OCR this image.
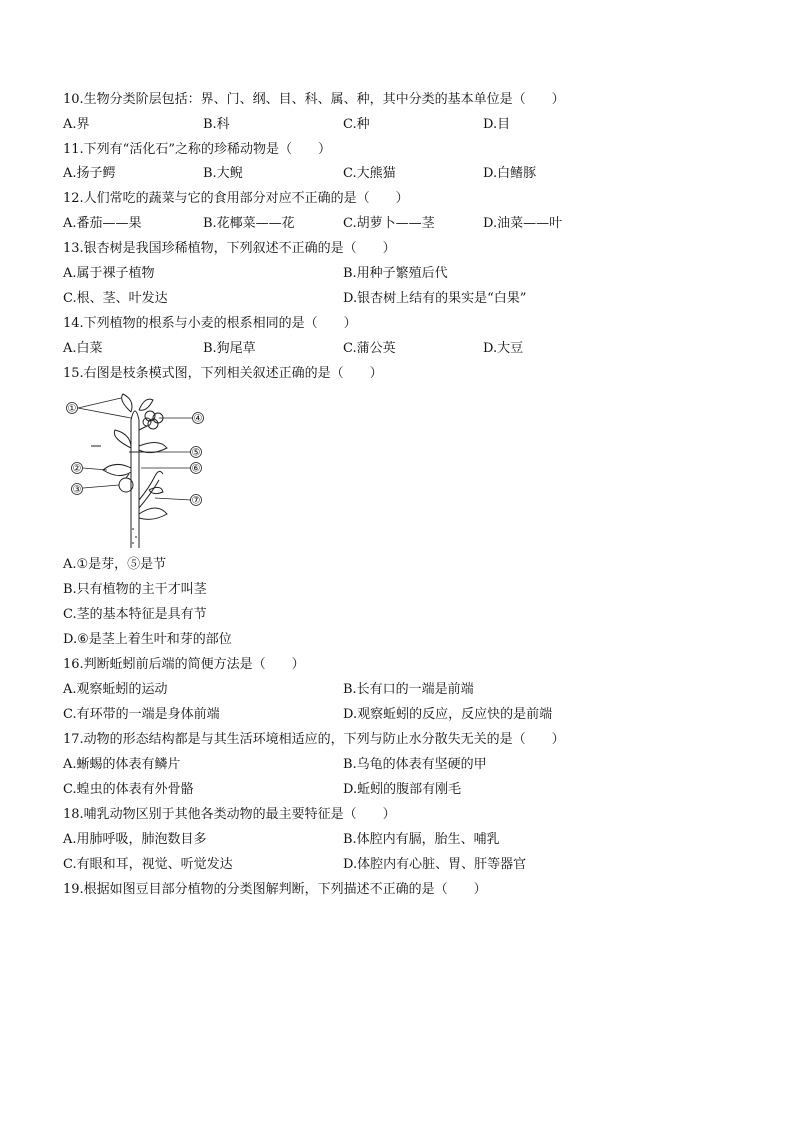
10.生物分类阶层包括：界、门、纲、目、科、属、种，其中分类的基本单位是（　　）
A.界	B.科	C.种	D.目
11.下列有“活化石”之称的珍稀动物是（　　）
A.扬子鳄	B.大鲵	C.大熊猫	D.白鳍豚
12.人们常吃的蔬菜与它的食用部分对应不正确的是（　　）
A.番茄——果	B.花椰菜——花	C.胡萝卜——茎	D.油菜——叶
13.银杏树是我国珍稀植物，下列叙述不正确的是（　　）
A.属于裸子植物	B.用种子繁殖后代
C.根、茎、叶发达	D.银杏树上结有的果实是“白果”
14.下列植物的根系与小麦的根系相同的是（　　）
A.白菜	B.狗尾草	C.蒲公英	D.大豆
15.右图是枝条模式图，下列相关叙述正确的是（　　）
①
②
③
④
⑤
⑥
⑦
A.①是芽，⑤是节
B.只有植物的主干才叫茎
C.茎的基本特征是具有节
D.⑥是茎上着生叶和芽的部位
16.判断蚯蚓前后端的简便方法是（　　）
A.观察蚯蚓的运动	B.长有口的一端是前端
C.有环带的一端是身体前端	D.观察蚯蚓的反应，反应快的是前端
17.动物的形态结构都是与其生活环境相适应的，下列与防止水分散失无关的是（　　）
A.蜥蜴的体表有鳞片	B.乌龟的体表有坚硬的甲
C.蝗虫的体表有外骨骼	D.蚯蚓的腹部有刚毛
18.哺乳动物区别于其他各类动物的最主要特征是（　　）
A.用肺呼吸，肺泡数目多	B.体腔内有膈，胎生、哺乳
C.有眼和耳，视觉、听觉发达	D.体腔内有心脏、胃、肝等器官
19.根据如图豆目部分植物的分类图解判断，下列描述不正确的是（　　）
